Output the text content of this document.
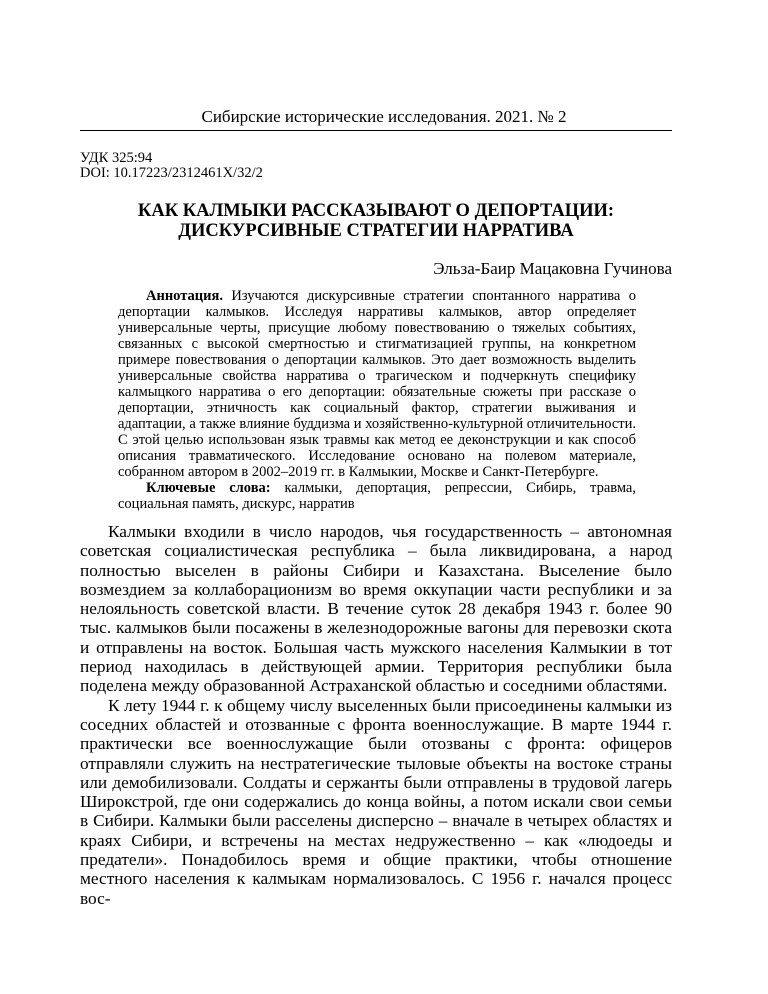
Сибирские исторические исследования. 2021. № 2
УДК 325:94
DOI: 10.17223/2312461X/32/2
КАК КАЛМЫКИ РАССКАЗЫВАЮТ О ДЕПОРТАЦИИ:
ДИСКУРСИВНЫЕ СТРАТЕГИИ НАРРАТИВА
Эльза-Баир Мацаковна Гучинова

Аннотация. Изучаются дискурсивные стратегии спонтанного нарратива о депортации калмыков. Исследуя нарративы калмыков, автор определяет универсальные черты, присущие любому повествованию о тяжелых событиях, связанных с высокой смертностью и стигматизацией группы, на конкретном примере повествования о депортации калмыков. Это дает возможность выделить универсальные свойства нарратива о трагическом и подчеркнуть специфику калмыцкого нарратива о его депортации: обязательные сюжеты при рассказе о депортации, этничность как социальный фактор, стратегии выживания и адаптации, а также влияние буддизма и хозяйственно-культурной отличительности. С этой целью использован язык травмы как метод ее деконструкции и как способ описания травматического. Исследование основано на полевом материале, собранном автором в 2002–2019 гг. в Калмыкии, Москве и Санкт-Петербурге.

Ключевые слова: калмыки, депортация, репрессии, Сибирь, травма, социальная память, дискурс, нарратив

Калмыки входили в число народов, чья государственность – автономная советская социалистическая республика – была ликвидирована, а народ полностью выселен в районы Сибири и Казахстана. Выселение было возмездием за коллаборационизм во время оккупации части республики и за нелояльность советской власти. В течение суток 28 декабря 1943 г. более 90 тыс. калмыков были посажены в железнодорожные вагоны для перевозки скота и отправлены на восток. Большая часть мужского населения Калмыкии в тот период находилась в действующей армии. Территория республики была поделена между образованной Астраханской областью и соседними областями.

К лету 1944 г. к общему числу выселенных были присоединены калмыки из соседних областей и отозванные с фронта военнослужащие. В марте 1944 г. практически все военнослужащие были отозваны с фронта: офицеров отправляли служить на нестратегические тыловые объекты на востоке страны или демобилизовали. Солдаты и сержанты были отправлены в трудовой лагерь Широкстрой, где они содержались до конца войны, а потом искали свои семьи в Сибири. Калмыки были расселены дисперсно – вначале в четырех областях и краях Сибири, и встречены на местах недружественно – как «людоеды и предатели». Понадобилось время и общие практики, чтобы отношение местного населения к калмыкам нормализовалось. С 1956 г. начался процесс вос-
